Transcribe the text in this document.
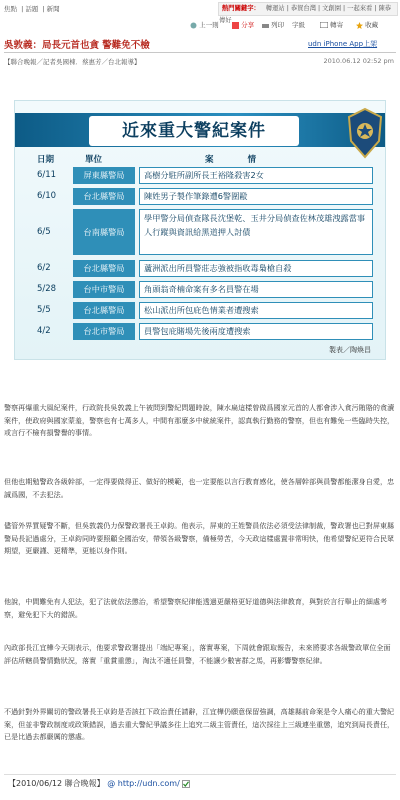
焦點 | 話題 | 新聞	熱門關鍵字： 轉運站 | 恭賀台灣 | 文創園 | 一起來看 | 陳恭傳好
上一則	分享	列印 字級	轉寄	收藏
吳敦義：局長元首也貪 警難免不檢	udn iPhone App上架
【聯合晚報／記者吳國棟．蔡惠芳／台北報導】	2010.06.12 02:52 pm
近來重大警紀案件
日期	單位	案　　　　情
6/11	屏東縣警局	高樹分駐所副所長王裕隆殺害2女
6/10	台北縣警局	陳姓男子製作筆錄遭6警圍毆
6/5	台南縣警局
學甲警分局偵查隊長沈堡乾、玉井分局偵查佐林茂雄洩露當事人行蹤與資訊給黑道押人討債
6/2	台北縣警局	蘆洲派出所員警莊志強被指收毒梟槍自殺
5/28	台中市警局	角頭翁奇楠命案有多名員警在場
5/5	台北縣警局	松山派出所包庇色情業者遭搜索
4/2	台北市警局	員警包庇賭場先後兩度遭搜索
製表／陶煥昌
警察再爆重大風紀案件，行政院長吳敦義上午被問到警紀問題時說，陳水扁這樣曾做爲國家元首的人都會涉入貪污賄賂的貪瀆案件，使政府與國家蒙羞，警察也有七萬多人，中間有那麼多中統統案件，認真執行勤務的警察，但也有難免一些臨時失控，或言行不檢有損警譽的事情。
但他也期勉警政各級幹部，一定得要做得正、做好的模範，也一定要能以言行教育感化，使各層幹部與員警都能潔身自愛，忠誠爲國，不去犯法。
儘管外界質疑警不斷，但吳敦義仍力保警政署長王卓鈞。他表示，屏東的王姓警員依法必須受法律制裁，警政署也已對屏東縣警局長記過處分，王卓鈞同時要照顧全國治安，帶領各級警察，備極勞苦，今天政這樣處置非常明快，他希望警紀更符合民眾期望，更嚴謹、更精準，更能以身作則。
他說，中間難免有人犯法，犯了法就依法懲治，希望警察紀律能透過更嚴格更好道德與法律教育，與對於言行舉止的細處考察，避免犯下大的錯誤。
內政部長江宜樺今天則表示，他要求警政署提出「端紀專案」，落實專案，下周就會跟取報告，未來將要求各級警政單位全面評估所轄員警情勤狀況，落實「重賞重懲」，淘汰不適任員警，不能讓少數害群之馬，再影響警察紀律。
不過針對外界關切的警政署長王卓鈞是否該扛下政治責任請辭，江宜樺仍願意保留強調，高雄縣前命案是令人痛心的重大警紀案，但並非警政制度或政策錯誤，過去重大警紀爭議多往上追究二級主管責任，這次採往上三級連坐重懲，追究到局長責任，已是比過去都嚴厲的懲處。
【2010/06/12 聯合晚報】 @ http://udn.com/
